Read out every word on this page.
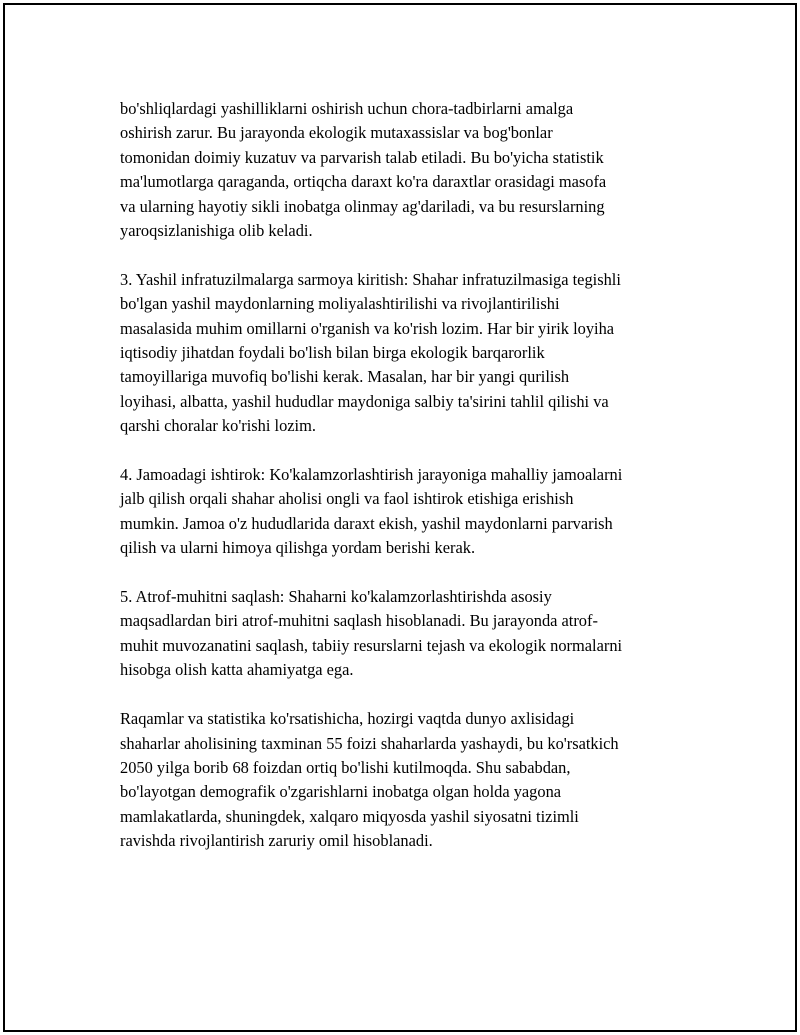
bo'shliqlardagi yashilliklarni oshirish uchun chora-tadbirlarni amalga
oshirish zarur. Bu jarayonda ekologik mutaxassislar va bog'bonlar
tomonidan doimiy kuzatuv va parvarish talab etiladi. Bu bo'yicha statistik
ma'lumotlarga qaraganda, ortiqcha daraxt ko'ra daraxtlar orasidagi masofa
va ularning hayotiy sikli inobatga olinmay ag'dariladi, va bu resurslarning
yaroqsizlanishiga olib keladi.

3. Yashil infratuzilmalarga sarmoya kiritish: Shahar infratuzilmasiga tegishli
bo'lgan yashil maydonlarning moliyalashtirilishi va rivojlantirilishi
masalasida muhim omillarni o'rganish va ko'rish lozim. Har bir yirik loyiha
iqtisodiy jihatdan foydali bo'lish bilan birga ekologik barqarorlik
tamoyillariga muvofiq bo'lishi kerak. Masalan, har bir yangi qurilish
loyihasi, albatta, yashil hududlar maydoniga salbiy ta'sirini tahlil qilishi va
qarshi choralar ko'rishi lozim.

4. Jamoadagi ishtirok: Ko'kalamzorlashtirish jarayoniga mahalliy jamoalarni
jalb qilish orqali shahar aholisi ongli va faol ishtirok etishiga erishish
mumkin. Jamoa o'z hududlarida daraxt ekish, yashil maydonlarni parvarish
qilish va ularni himoya qilishga yordam berishi kerak.

5. Atrof-muhitni saqlash: Shaharni ko'kalamzorlashtirishda asosiy
maqsadlardan biri atrof-muhitni saqlash hisoblanadi. Bu jarayonda atrof-
muhit muvozanatini saqlash, tabiiy resurslarni tejash va ekologik normalarni
hisobga olish katta ahamiyatga ega.

Raqamlar va statistika ko'rsatishicha, hozirgi vaqtda dunyo axlisidagi
shaharlar aholisining taxminan 55 foizi shaharlarda yashaydi, bu ko'rsatkich
2050 yilga borib 68 foizdan ortiq bo'lishi kutilmoqda. Shu sababdan,
bo'layotgan demografik o'zgarishlarni inobatga olgan holda yagona
mamlakatlarda, shuningdek, xalqaro miqyosda yashil siyosatni tizimli
ravishda rivojlantirish zaruriy omil hisoblanadi.
